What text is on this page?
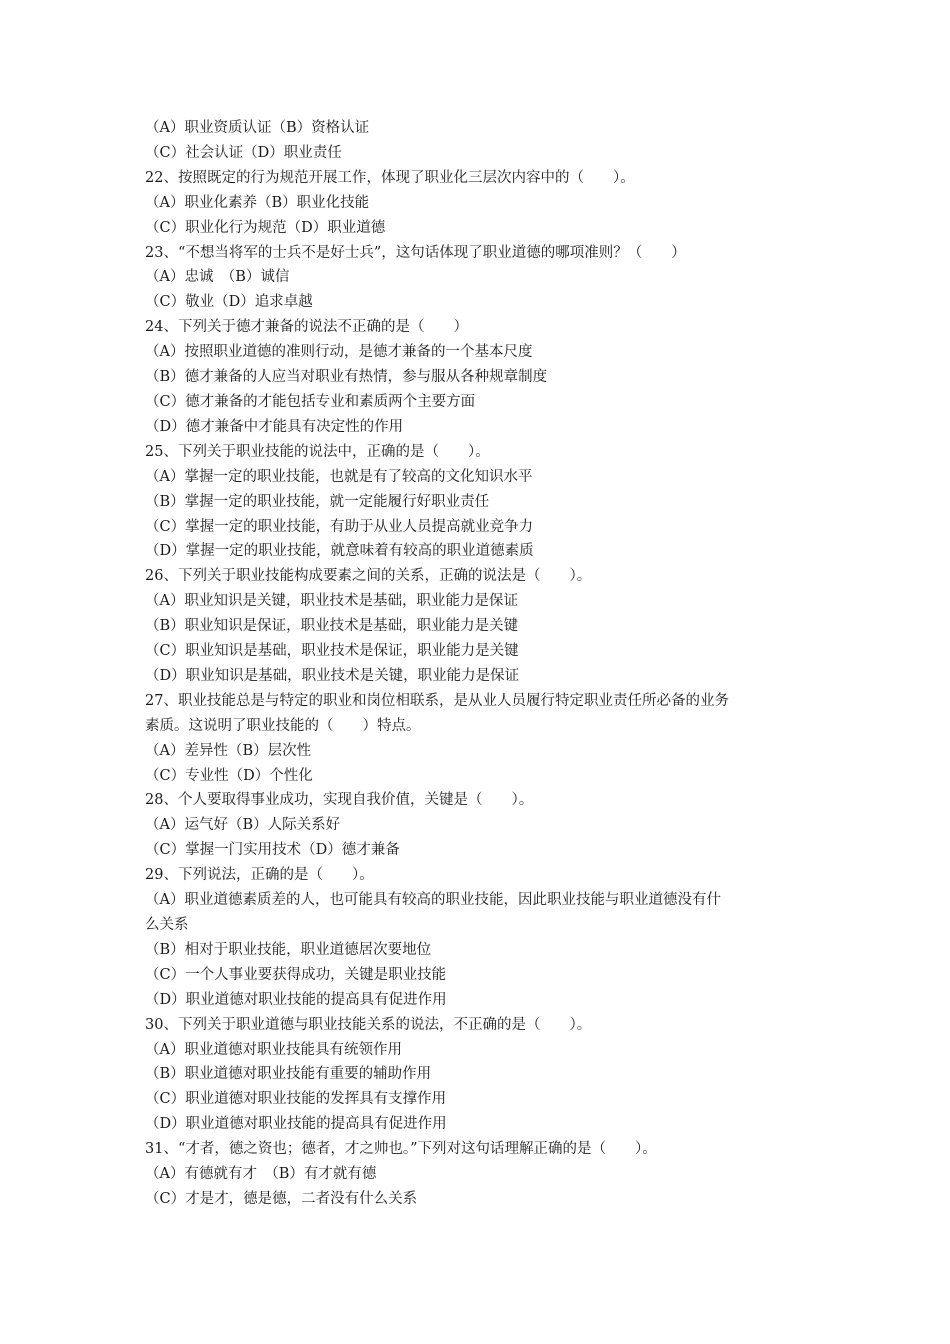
（A）职业资质认证（B）资格认证
（C）社会认证（D）职业责任
22、按照既定的行为规范开展工作，体现了职业化三层次内容中的（　　）。
（A）职业化素养（B）职业化技能
（C）职业化行为规范（D）职业道德
23、“不想当将军的士兵不是好士兵”，这句话体现了职业道德的哪项准则？（　　）
（A）忠诚　（B）诚信
（C）敬业（D）追求卓越
24、下列关于德才兼备的说法不正确的是（　　）
（A）按照职业道德的准则行动，是德才兼备的一个基本尺度
（B）德才兼备的人应当对职业有热情，参与服从各种规章制度
（C）德才兼备的才能包括专业和素质两个主要方面
（D）德才兼备中才能具有决定性的作用
25、下列关于职业技能的说法中，正确的是（　　）。
（A）掌握一定的职业技能，也就是有了较高的文化知识水平
（B）掌握一定的职业技能，就一定能履行好职业责任
（C）掌握一定的职业技能，有助于从业人员提高就业竞争力
（D）掌握一定的职业技能，就意味着有较高的职业道德素质
26、下列关于职业技能构成要素之间的关系，正确的说法是（　　）。
（A）职业知识是关键，职业技术是基础，职业能力是保证
（B）职业知识是保证，职业技术是基础，职业能力是关键
（C）职业知识是基础，职业技术是保证，职业能力是关键
（D）职业知识是基础，职业技术是关键，职业能力是保证
27、职业技能总是与特定的职业和岗位相联系，是从业人员履行特定职业责任所必备的业务
素质。这说明了职业技能的（　　）特点。
（A）差异性（B）层次性
（C）专业性（D）个性化
28、个人要取得事业成功，实现自我价值，关键是（　　）。
（A）运气好（B）人际关系好
（C）掌握一门实用技术（D）德才兼备
29、下列说法，正确的是（　　）。
（A）职业道德素质差的人，也可能具有较高的职业技能，因此职业技能与职业道德没有什
么关系
（B）相对于职业技能，职业道德居次要地位
（C）一个人事业要获得成功，关键是职业技能
（D）职业道德对职业技能的提高具有促进作用
30、下列关于职业道德与职业技能关系的说法，不正确的是（　　）。
（A）职业道德对职业技能具有统领作用
（B）职业道德对职业技能有重要的辅助作用
（C）职业道德对职业技能的发挥具有支撑作用
（D）职业道德对职业技能的提高具有促进作用
31、“才者，德之资也；德者，才之帅也。”下列对这句话理解正确的是（　　）。
（A）有德就有才　（B）有才就有德
（C）才是才，德是德，二者没有什么关系
